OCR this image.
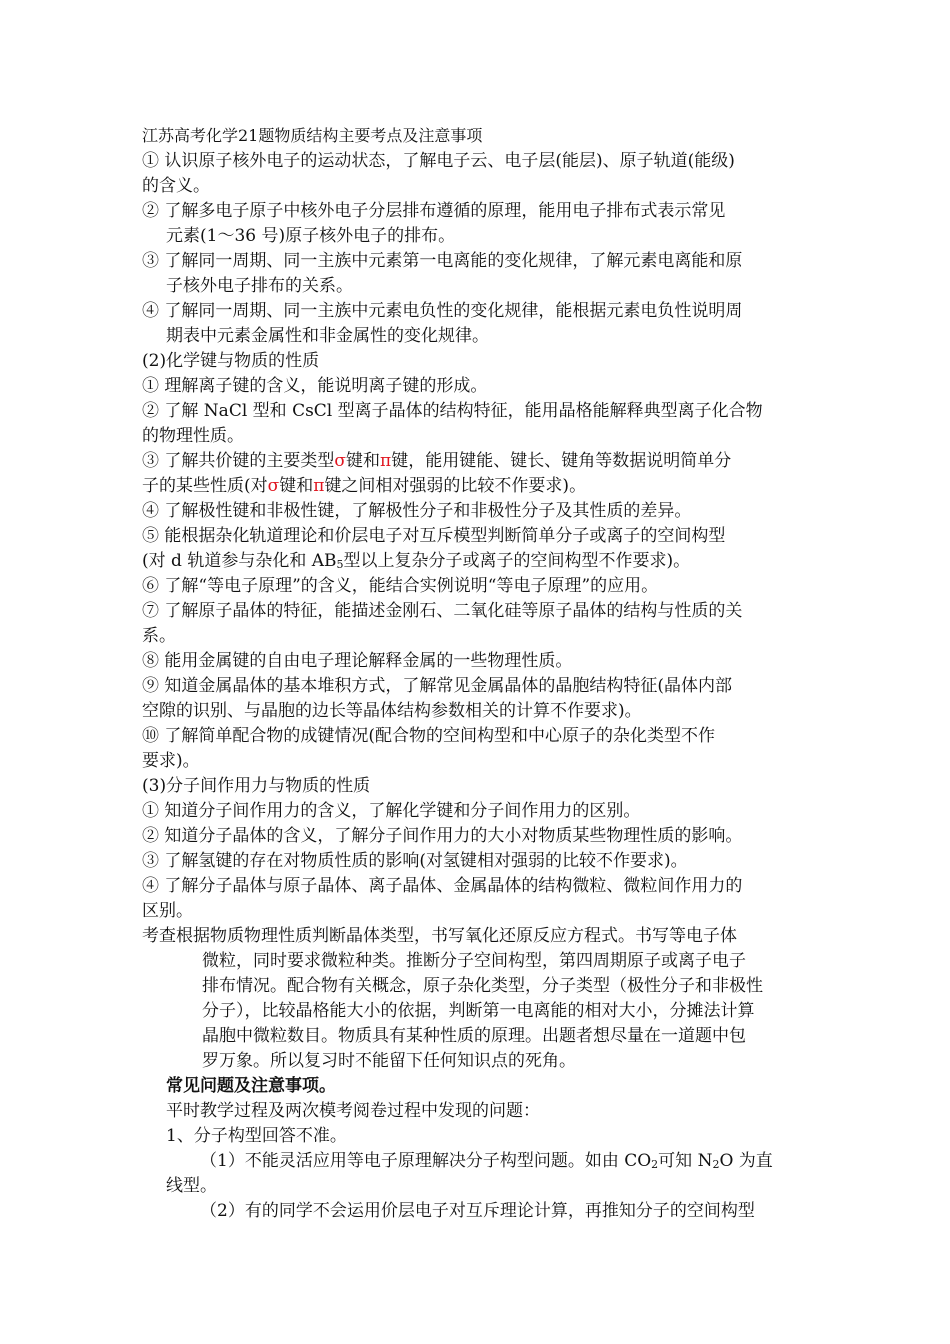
江苏高考化学21题物质结构主要考点及注意事项
① 认识原子核外电子的运动状态，了解电子云、电子层(能层)、原子轨道(能级)
的含义。
② 了解多电子原子中核外电子分层排布遵循的原理，能用电子排布式表示常见
元素(1～36 号)原子核外电子的排布。
③ 了解同一周期、同一主族中元素第一电离能的变化规律，了解元素电离能和原
子核外电子排布的关系。
④ 了解同一周期、同一主族中元素电负性的变化规律，能根据元素电负性说明周
期表中元素金属性和非金属性的变化规律。
(2)化学键与物质的性质
① 理解离子键的含义，能说明离子键的形成。
② 了解 NaCl 型和 CsCl 型离子晶体的结构特征，能用晶格能解释典型离子化合物
的物理性质。
③ 了解共价键的主要类型σ键和π键，能用键能、键长、键角等数据说明简单分
子的某些性质(对σ键和π键之间相对强弱的比较不作要求)。
④ 了解极性键和非极性键，了解极性分子和非极性分子及其性质的差异。
⑤ 能根据杂化轨道理论和价层电子对互斥模型判断简单分子或离子的空间构型
(对 d 轨道参与杂化和 $AB_5$型以上复杂分子或离子的空间构型不作要求)。
⑥ 了解“等电子原理”的含义，能结合实例说明“等电子原理”的应用。
⑦ 了解原子晶体的特征，能描述金刚石、二氧化硅等原子晶体的结构与性质的关
系。
⑧ 能用金属键的自由电子理论解释金属的一些物理性质。
⑨ 知道金属晶体的基本堆积方式，了解常见金属晶体的晶胞结构特征(晶体内部
空隙的识别、与晶胞的边长等晶体结构参数相关的计算不作要求)。
⑩ 了解简单配合物的成键情况(配合物的空间构型和中心原子的杂化类型不作
要求)。
(3)分子间作用力与物质的性质
① 知道分子间作用力的含义，了解化学键和分子间作用力的区别。
② 知道分子晶体的含义，了解分子间作用力的大小对物质某些物理性质的影响。
③ 了解氢键的存在对物质性质的影响(对氢键相对强弱的比较不作要求)。
④ 了解分子晶体与原子晶体、离子晶体、金属晶体的结构微粒、微粒间作用力的
区别。
考查根据物质物理性质判断晶体类型，书写氧化还原反应方程式。书写等电子体
微粒，同时要求微粒种类。推断分子空间构型，第四周期原子或离子电子
排布情况。配合物有关概念，原子杂化类型，分子类型（极性分子和非极性
分子），比较晶格能大小的依据，判断第一电离能的相对大小，分摊法计算
晶胞中微粒数目。物质具有某种性质的原理。出题者想尽量在一道题中包
罗万象。所以复习时不能留下任何知识点的死角。
常见问题及注意事项。
平时教学过程及两次模考阅卷过程中发现的问题：
1、分子构型回答不准。
（1）不能灵活应用等电子原理解决分子构型问题。如由 $CO_2$可知 $N_2O$ 为直
线型。
（2）有的同学不会运用价层电子对互斥理论计算，再推知分子的空间构型
